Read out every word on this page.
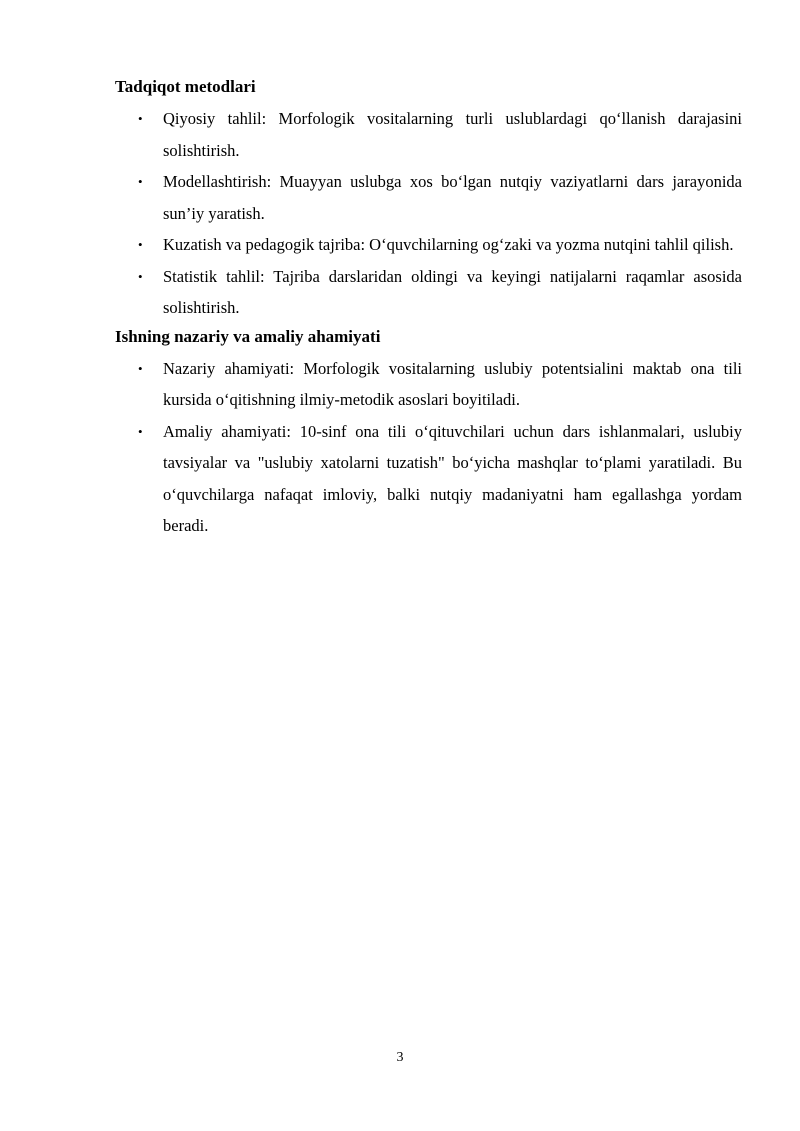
Tadqiqot metodlari
• Qiyosiy tahlil: Morfologik vositalarning turli uslublardagi qo‘llanish darajasini solishtirish.
• Modellashtirish: Muayyan uslubga xos bo‘lgan nutqiy vaziyatlarni dars jarayonida sun’iy yaratish.
• Kuzatish va pedagogik tajriba: O‘quvchilarning og‘zaki va yozma nutqini tahlil qilish.
• Statistik tahlil: Tajriba darslaridan oldingi va keyingi natijalarni raqamlar asosida solishtirish.
Ishning nazariy va amaliy ahamiyati
• Nazariy ahamiyati: Morfologik vositalarning uslubiy potentsialini maktab ona tili kursida o‘qitishning ilmiy-metodik asoslari boyitiladi.
• Amaliy ahamiyati: 10-sinf ona tili o‘qituvchilari uchun dars ishlanmalari, uslubiy tavsiyalar va "uslubiy xatolarni tuzatish" bo‘yicha mashqlar to‘plami yaratiladi. Bu o‘quvchilarga nafaqat imloviy, balki nutqiy madaniyatni ham egallashga yordam beradi.
3
